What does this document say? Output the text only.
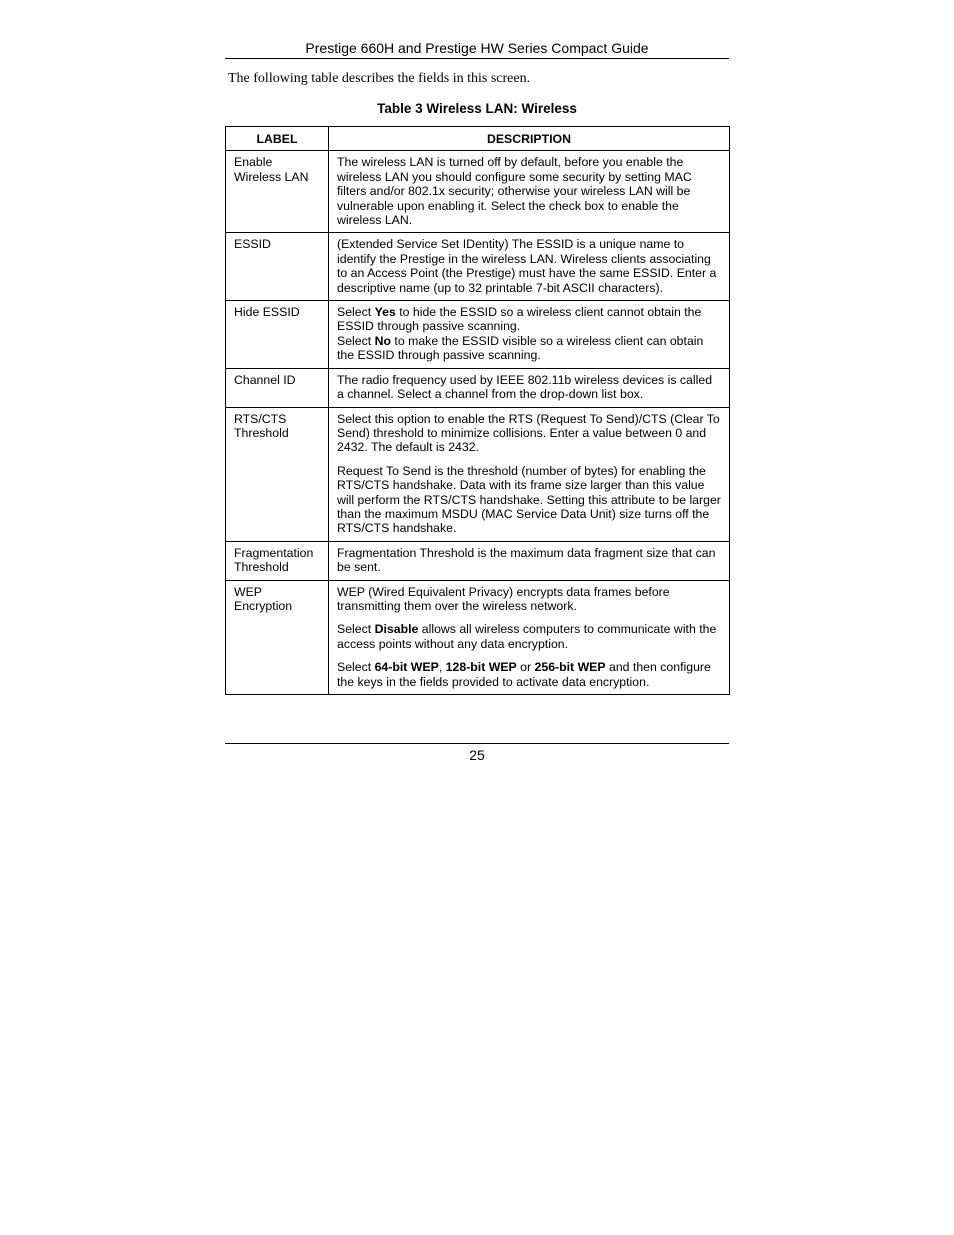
Prestige 660H and Prestige HW Series Compact Guide
The following table describes the fields in this screen.
Table 3 Wireless LAN: Wireless
LABEL	DESCRIPTION
Enable Wireless LAN	The wireless LAN is turned off by default, before you enable the wireless LAN you should configure some security by setting MAC filters and/or 802.1x security; otherwise your wireless LAN will be vulnerable upon enabling it. Select the check box to enable the wireless LAN.

ESSID	(Extended Service Set IDentity) The ESSID is a unique name to identify the Prestige in the wireless LAN. Wireless clients associating to an Access Point (the Prestige) must have the same ESSID. Enter a descriptive name (up to 32 printable 7-bit ASCII characters).

Hide ESSID	Select Yes to hide the ESSID so a wireless client cannot obtain the ESSID through passive scanning.

Select No to make the ESSID visible so a wireless client can obtain the ESSID through passive scanning.

Channel ID	The radio frequency used by IEEE 802.11b wireless devices is called a channel. Select a channel from the drop-down list box.

RTS/CTS Threshold	Select this option to enable the RTS (Request To Send)/CTS (Clear To Send) threshold to minimize collisions. Enter a value between 0 and 2432. The default is 2432.

Request To Send is the threshold (number of bytes) for enabling the RTS/CTS handshake. Data with its frame size larger than this value will perform the RTS/CTS handshake. Setting this attribute to be larger than the maximum MSDU (MAC Service Data Unit) size turns off the RTS/CTS handshake.

Fragmentation Threshold	Fragmentation Threshold is the maximum data fragment size that can be sent.

WEP Encryption	WEP (Wired Equivalent Privacy) encrypts data frames before transmitting them over the wireless network.

Select Disable allows all wireless computers to communicate with the access points without any data encryption.

Select 64-bit WEP, 128-bit WEP or 256-bit WEP and then configure the keys in the fields provided to activate data encryption.

25
